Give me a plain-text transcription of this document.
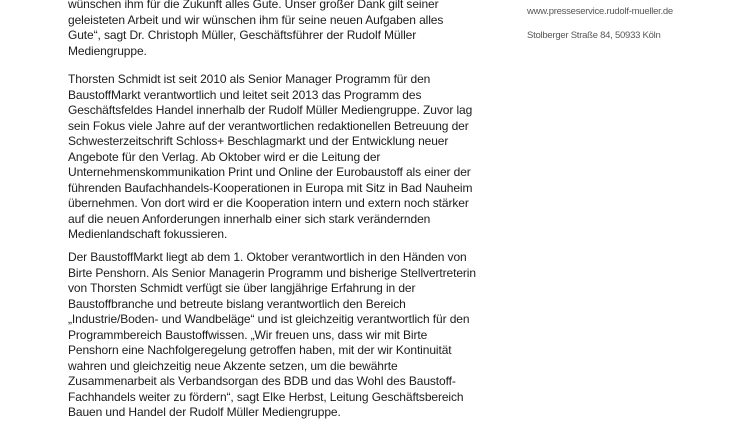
wünschen ihm für die Zukunft alles Gute. Unser großer Dank gilt seiner
geleisteten Arbeit und wir wünschen ihm für seine neuen Aufgaben alles
Gute“, sagt Dr. Christoph Müller, Geschäftsführer der Rudolf Müller
Mediengruppe.
Thorsten Schmidt ist seit 2010 als Senior Manager Programm für den
BaustoffMarkt verantwortlich und leitet seit 2013 das Programm des
Geschäftsfeldes Handel innerhalb der Rudolf Müller Mediengruppe. Zuvor lag
sein Fokus viele Jahre auf der verantwortlichen redaktionellen Betreuung der
Schwesterzeitschrift Schloss+ Beschlagmarkt und der Entwicklung neuer
Angebote für den Verlag. Ab Oktober wird er die Leitung der
Unternehmenskommunikation Print und Online der Eurobaustoff als einer der
führenden Baufachhandels-Kooperationen in Europa mit Sitz in Bad Nauheim
übernehmen. Von dort wird er die Kooperation intern und extern noch stärker
auf die neuen Anforderungen innerhalb einer sich stark verändernden
Medienlandschaft fokussieren.
Der BaustoffMarkt liegt ab dem 1. Oktober verantwortlich in den Händen von
Birte Penshorn. Als Senior Managerin Programm und bisherige Stellvertreterin
von Thorsten Schmidt verfügt sie über langjährige Erfahrung in der
Baustoffbranche und betreute bislang verantwortlich den Bereich
„Industrie/Boden- und Wandbeläge“ und ist gleichzeitig verantwortlich für den
Programmbereich Baustoffwissen. „Wir freuen uns, dass wir mit Birte
Penshorn eine Nachfolgeregelung getroffen haben, mit der wir Kontinuität
wahren und gleichzeitig neue Akzente setzen, um die bewährte
Zusammenarbeit als Verbandsorgan des BDB und das Wohl des Baustoff-
Fachhandels weiter zu fördern“, sagt Elke Herbst, Leitung Geschäftsbereich
Bauen und Handel der Rudolf Müller Mediengruppe.
www.presseservice.rudolf-mueller.de
Stolberger Straße 84, 50933 Köln
